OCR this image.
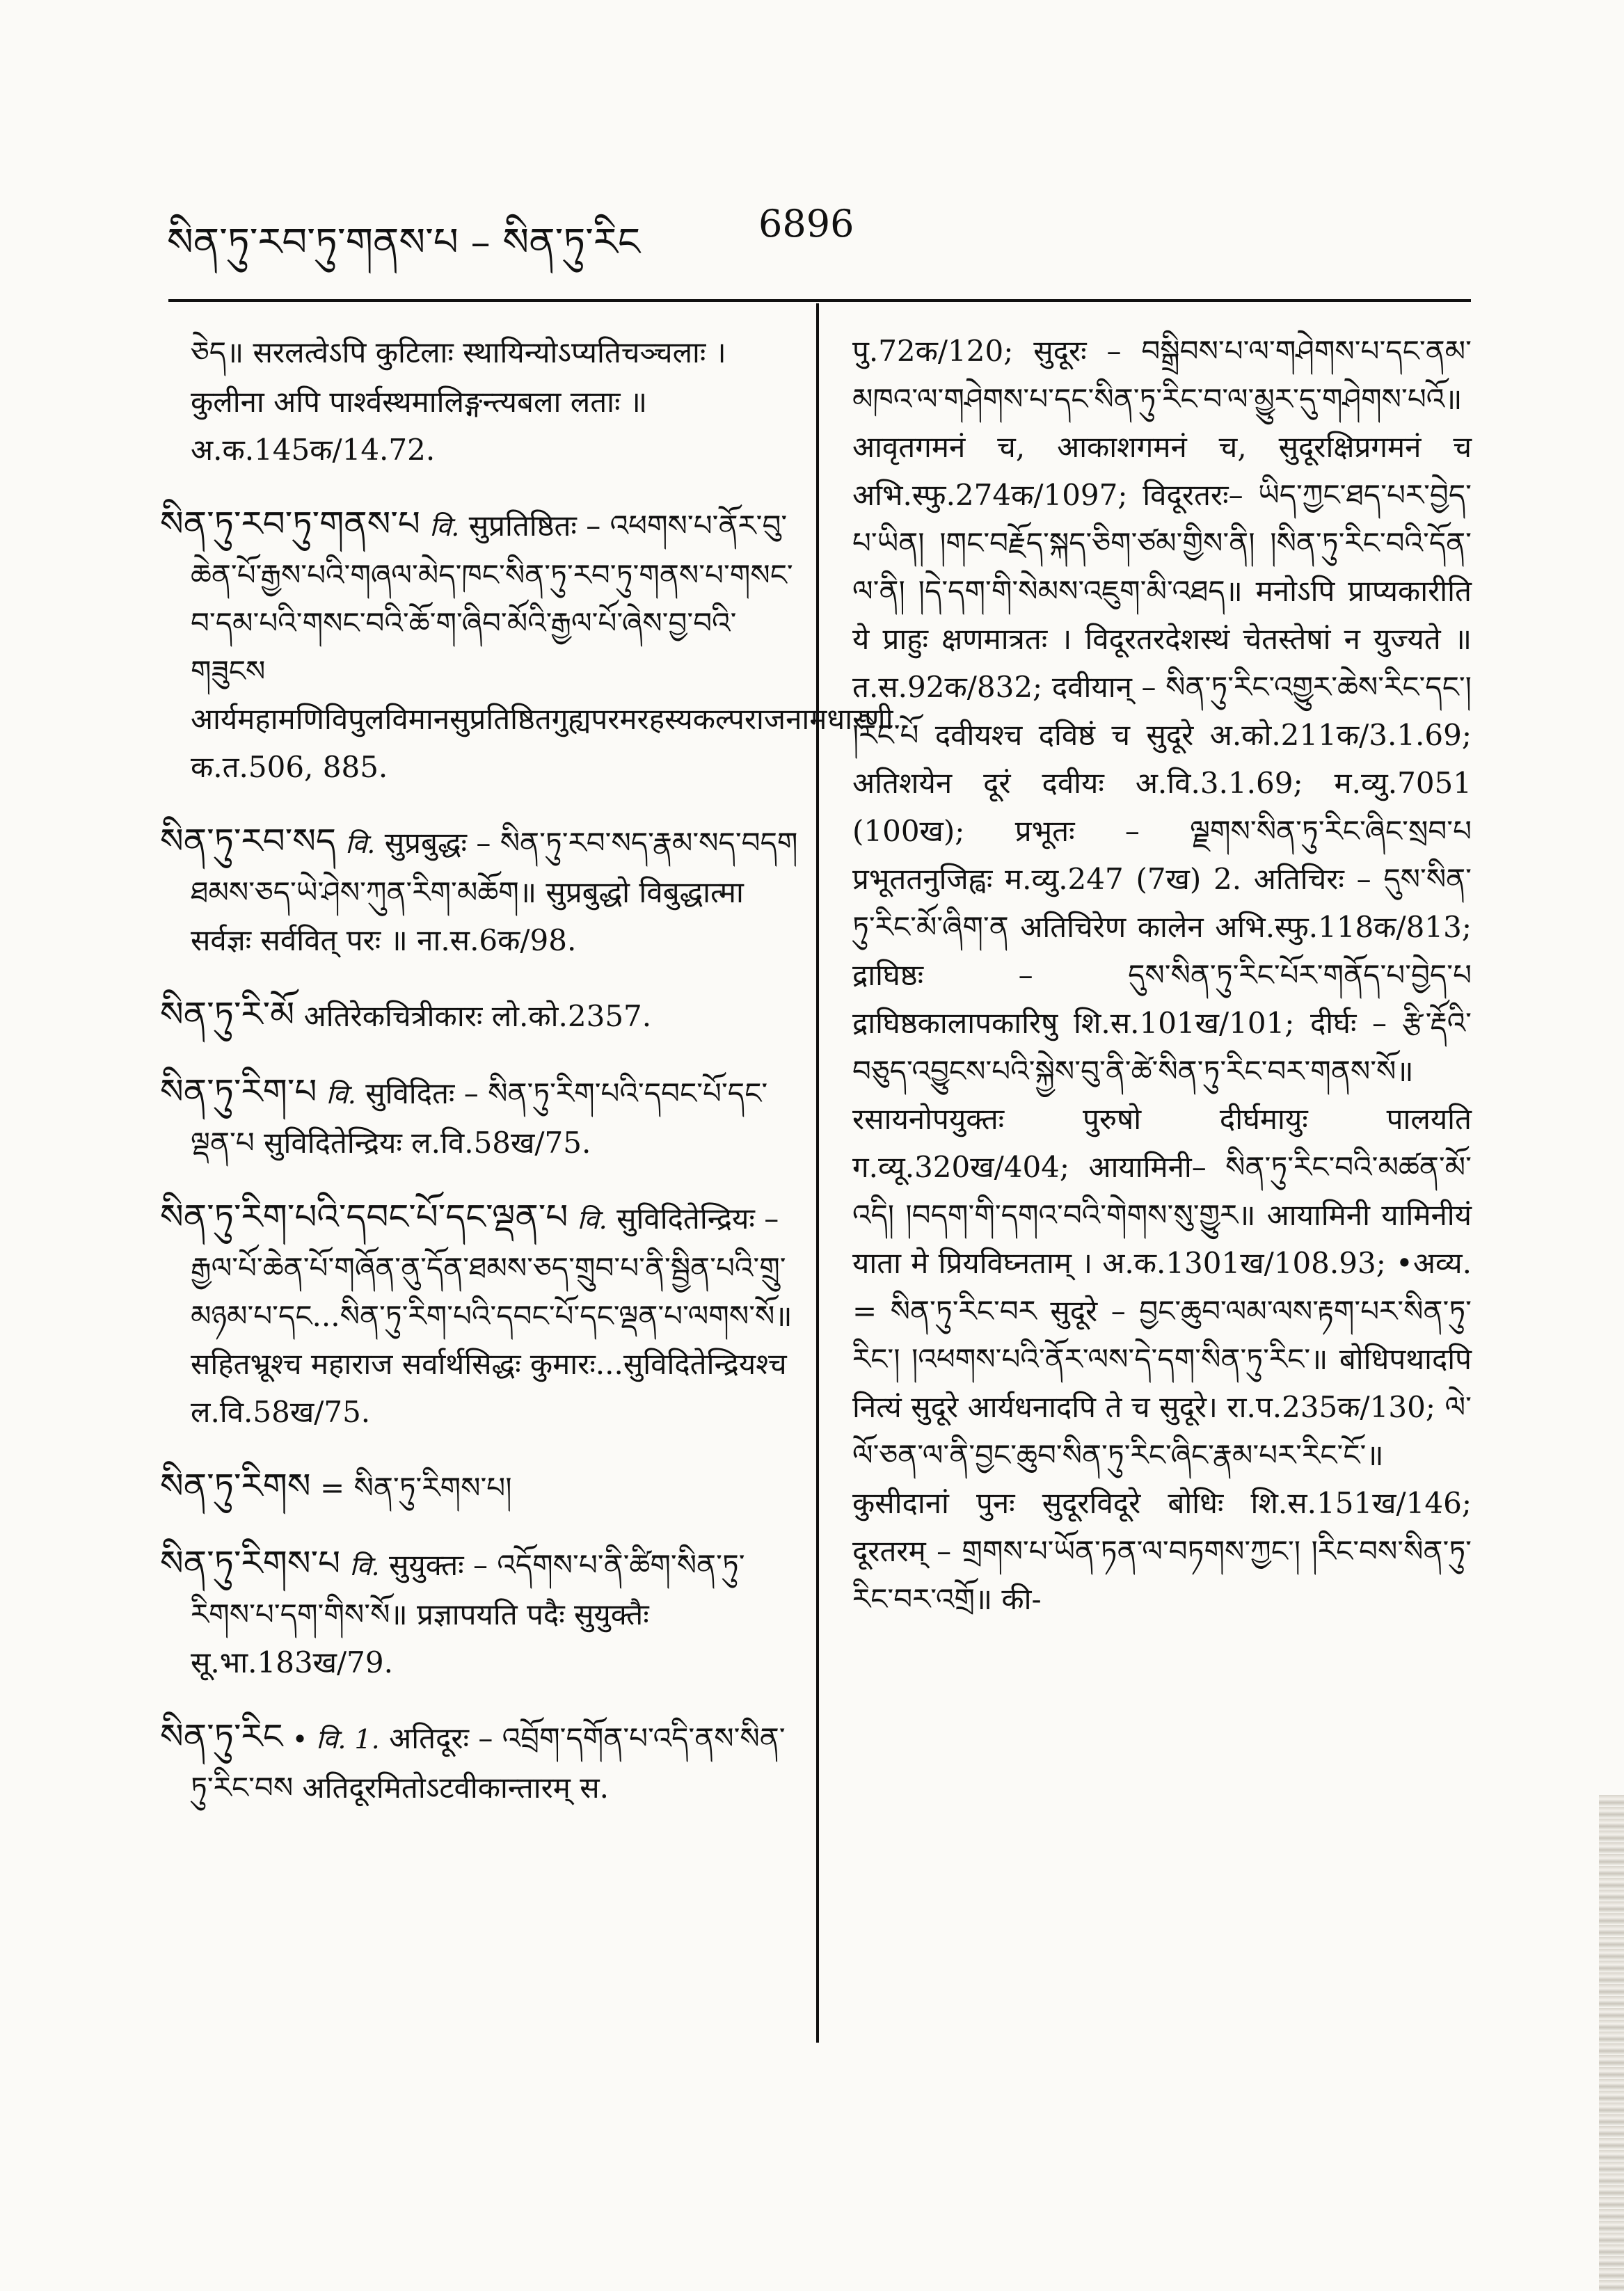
སིན་ཏུ་རབ་ཏུ་གནས་པ – སིན་ཏུ་རིང	6896
ཅེད॥ सरलत्वेऽपि कुटिलाः स्थायिन्योऽप्यतिचञ्चलाः । कुलीना अपि पार्श्वस्थमालिङ्गन्त्यबला लताः ॥ अ.क.145क/14.72.
སིན་ཏུ་རབ་ཏུ་གནས་པ वि. सुप्रतिष्ठितः – འཕགས་པ་ནོར་བུ་ཆེན་པོ་རྒྱས་པའི་གཞལ་མེད་ཁང་སིན་ཏུ་རབ་ཏུ་གནས་པ་གསང་བ་དམ་པའི་གསང་བའི་ཆོ་ག་ཞིབ་མོའི་རྒྱལ་པོ་ཞེས་བྱ་བའི་གཟུངས आर्यमहामणिविपुलविमानसुप्रतिष्ठितगुह्यपरमरहस्यकल्पराजनामधारणी क.त.506, 885.
སིན་ཏུ་རབ་སད वि. सुप्रबुद्धः – སིན་ཏུ་རབ་སད་རྣམ་སད་བདག ཐམས་ཅད་ཡེ་ཤེས་ཀུན་རིག་མཆོག॥ सुप्रबुद्धो विबुद्धात्मा सर्वज्ञः सर्ववित् परः ॥ ना.स.6क/98.
སིན་ཏུ་རི་མོ अतिरेकचित्रीकारः लो.को.2357.
སིན་ཏུ་རིག་པ वि. सुविदितः – སིན་ཏུ་རིག་པའི་དབང་པོ་དང་ལྡན་པ सुविदितेन्द्रियः ल.वि.58ख/75.
སིན་ཏུ་རིག་པའི་དབང་པོ་དང་ལྡན་པ वि. सुविदितेन्द्रियः – རྒྱལ་པོ་ཆེན་པོ་གཞོན་ནུ་དོན་ཐམས་ཅད་གྲུབ་པ་ནི་སྦྱིན་པའི་གྲུ་མཉམ་པ་དང...སིན་ཏུ་རིག་པའི་དབང་པོ་དང་ལྡན་པ་ལགས་སོ॥ सहितभ्रूश्च महाराज सर्वार्थसिद्धः कुमारः...सुविदितेन्द्रियश्च ल.वि.58ख/75.
སིན་ཏུ་རིགས = སིན་ཏུ་རིགས་པ།
སིན་ཏུ་རིགས་པ वि. सुयुक्तः – འདོགས་པ་ནི་ཚིག་སིན་ཏུ་རིགས་པ་དག་གིས་སོ॥ प्रज्ञापयति पदैः सुयुक्तैः सू.भा.183ख/79.
སིན་ཏུ་རིང • वि. 1. अतिदूरः – འབྲོག་དགོན་པ་འདི་ནས་སིན་ཏུ་རིང་བས अतिदूरमितोऽटवीकान्तारम् स.

पु.72क/120; सुदूरः – བསྒྲིབས་པ་ལ་གཤེགས་པ་དང་ནམ་མཁའ་ལ་གཤེགས་པ་དང་སིན་ཏུ་རིང་བ་ལ་མྱུར་དུ་གཤེགས་པའོ॥ आवृतगमनं च, आकाशगमनं च, सुदूरक्षिप्रगमनं च अभि.स्फु.274क/1097; विदूरतरः– ཡིད་ཀྱང་ཐད་པར་བྱེད་པ་ཡིན། །གང་བརྗོད་སྐད་ཅིག་ཙམ་གྱིས་ནི། །སིན་ཏུ་རིང་བའི་དོན་ལ་ནི། །དེ་དག་གི་སེམས་འཇུག་མི་འཐད॥ मनोऽपि प्राप्यकारीति ये प्राहुः क्षणमात्रतः । विदूरतरदेशस्थं चेतस्तेषां न युज्यते ॥ त.स.92क/832; दवीयान् – སིན་ཏུ་རིང་འགྱུར་ཆེས་རིང་དང་། །རིང་པོ दवीयश्च दविष्ठं च सुदूरे अ.को.211क/3.1.69; अतिशयेन दूरं दवीयः अ.वि.3.1.69; म.व्यु.7051 (100ख); प्रभूतः – ལྗགས་སིན་ཏུ་རིང་ཞིང་སྲབ་པ प्रभूततनुजिह्वः म.व्यु.247 (7ख) 2. अतिचिरः – དུས་སིན་ཏུ་རིང་མོ་ཞིག་ན अतिचिरेण कालेन अभि.स्फु.118क/813; द्राघिष्ठः – དུས་སིན་ཏུ་རིང་པོར་གནོད་པ་བྱེད་པ द्राघिष्ठकालापकारिषु शि.स.101ख/101; दीर्घः – རྩི་རྡོའི་བཅུད་འབྱུངས་པའི་སྐྱེས་བུ་ནི་ཚེ་སིན་ཏུ་རིང་བར་གནས་སོ॥ रसायनोपयुक्तः पुरुषो दीर्घमायुः पालयति ग.व्यू.320ख/404; आयामिनी– སིན་ཏུ་རིང་བའི་མཚན་མོ་འདི། །བདག་གི་དགའ་བའི་གེགས་སུ་གྱུར॥ आयामिनी यामिनीयं याता मे प्रियविघ्नताम् । अ.क.1301ख/108.93; •अव्य. = སིན་ཏུ་རིང་བར सुदूरे – བྱང་ཆུབ་ལམ་ལས་རྟག་པར་སིན་ཏུ་རིང་། །འཕགས་པའི་ནོར་ལས་དེ་དག་སིན་ཏུ་རིང་॥ बोधिपथादपि नित्यं सुदूरे आर्यधनादपि ते च सुदूरे। रा.प.235क/130; ལེ་ལོ་ཅན་ལ་ནི་བྱང་ཆུབ་སིན་ཏུ་རིང་ཞིང་རྣམ་པར་རིང་ངོ་॥ कुसीदानां पुनः सुदूरविदूरे बोधिः शि.स.151ख/146; दूरतरम् – གྲགས་པ་ཡོན་ཏན་ལ་བཏགས་ཀྱང་། །རིང་བས་སིན་ཏུ་རིང་བར་འགྲོ॥ की-
